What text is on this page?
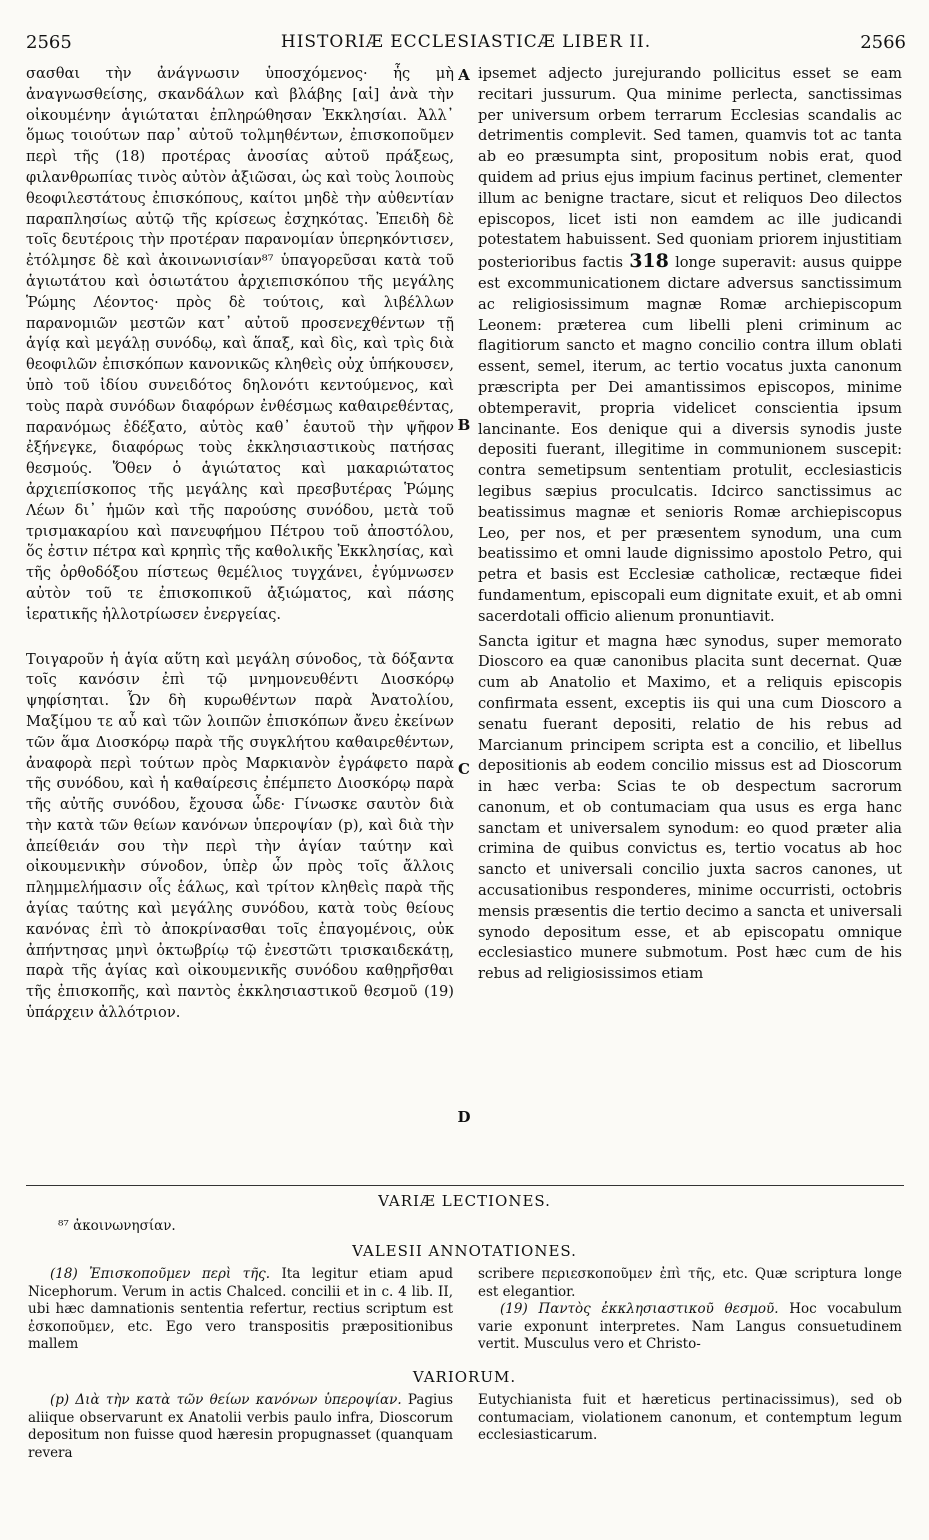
2565	HISTORIÆ ECCLESIASTICÆ LIBER II.	2566

σασθαι τὴν ἀνάγνωσιν ὑποσχόμενος· ἧς μὴ ἀναγνωσθείσης, σκανδάλων καὶ βλάβης [αἱ] ἀνὰ τὴν οἰκουμένην ἁγιώταται ἐπληρώθησαν Ἐκκλησίαι. Ἀλλ᾽ ὅμως τοιούτων παρ᾽ αὐτοῦ τολμηθέντων, ἐπισκοποῦμεν περὶ τῆς (18) προτέρας ἀνοσίας αὐτοῦ πράξεως, φιλανθρωπίας τινὸς αὐτὸν ἀξιῶσαι, ὡς καὶ τοὺς λοιποὺς θεοφιλεστάτους ἐπισκόπους, καίτοι μηδὲ τὴν αὐθεντίαν παραπλησίως αὐτῷ τῆς κρίσεως ἐσχηκότας. Ἐπειδὴ δὲ τοῖς δευτέροις τὴν προτέραν παρανομίαν ὑπερηκόντισεν, ἐτόλμησε δὲ καὶ ἀκοινωνισίαν⁸⁷ ὑπαγορεῦσαι κατὰ τοῦ ἁγιωτάτου καὶ ὁσιωτάτου ἀρχιεπισκόπου τῆς μεγάλης Ῥώμης Λέοντος· πρὸς δὲ τούτοις, καὶ λιβέλλων παρανομιῶν μεστῶν κατ᾽ αὐτοῦ προσενεχθέντων τῇ ἁγίᾳ καὶ μεγάλῃ συνόδῳ, καὶ ἅπαξ, καὶ δὶς, καὶ τρὶς διὰ θεοφιλῶν ἐπισκόπων κανονικῶς κληθεὶς οὐχ ὑπήκουσεν, ὑπὸ τοῦ ἰδίου συνειδότος δηλονότι κεντούμενος, καὶ τοὺς παρὰ συνόδων διαφόρων ἐνθέσμως καθαιρεθέντας, παρανόμως ἐδέξατο, αὐτὸς καθ᾽ ἑαυτοῦ τὴν ψῆφον ἐξήνεγκε, διαφόρως τοὺς ἐκκλησιαστικοὺς πατήσας θεσμούς. Ὅθεν ὁ ἁγιώτατος καὶ μακαριώτατος ἀρχιεπίσκοπος τῆς μεγάλης καὶ πρεσβυτέρας Ῥώμης Λέων δι᾽ ἡμῶν καὶ τῆς παρούσης συνόδου, μετὰ τοῦ τρισμακαρίου καὶ πανευφήμου Πέτρου τοῦ ἀποστόλου, ὅς ἐστιν πέτρα καὶ κρηπὶς τῆς καθολικῆς Ἐκκλησίας, καὶ τῆς ὀρθοδόξου πίστεως θεμέλιος τυγχάνει, ἐγύμνωσεν αὐτὸν τοῦ τε ἐπισκοπικοῦ ἀξιώματος, καὶ πάσης ἱερατικῆς ἠλλοτρίωσεν ἐνεργείας.

Τοιγαροῦν ἡ ἁγία αὕτη καὶ μεγάλη σύνοδος, τὰ δόξαντα τοῖς κανόσιν ἐπὶ τῷ μνημονευθέντι Διοσκόρῳ ψηφίσηται. Ὧν δὴ κυρωθέντων παρὰ Ἀνατολίου, Μαξίμου τε αὖ καὶ τῶν λοιπῶν ἐπισκόπων ἄνευ ἐκείνων τῶν ἅμα Διοσκόρῳ παρὰ τῆς συγκλήτου καθαιρεθέντων, ἀναφορὰ περὶ τούτων πρὸς Μαρκιανὸν ἐγράφετο παρὰ τῆς συνόδου, καὶ ἡ καθαίρεσις ἐπέμπετο Διοσκόρῳ παρὰ τῆς αὐτῆς συνόδου, ἔχουσα ὧδε· Γίνωσκε σαυτὸν διὰ τὴν κατὰ τῶν θείων κανόνων ὑπεροψίαν (p), καὶ διὰ τὴν ἀπείθειάν σου τὴν περὶ τὴν ἁγίαν ταύτην καὶ οἰκουμενικὴν σύνοδον, ὑπὲρ ὧν πρὸς τοῖς ἄλλοις πλημμελήμασιν οἷς ἑάλως, καὶ τρίτον κληθεὶς παρὰ τῆς ἁγίας ταύτης καὶ μεγάλης συνόδου, κατὰ τοὺς θείους κανόνας ἐπὶ τὸ ἀποκρίνασθαι τοῖς ἐπαγομένοις, οὐκ ἀπήντησας μηνὶ ὀκτωβρίῳ τῷ ἐνεστῶτι τρισκαιδεκάτῃ, παρὰ τῆς ἁγίας καὶ οἰκουμενικῆς συνόδου καθῃρῆσθαι τῆς ἐπισκοπῆς, καὶ παντὸς ἐκκλησιαστικοῦ θεσμοῦ (19) ὑπάρχειν ἀλλότριον.

A
B
C
D

ipsemet adjecto jurejurando pollicitus esset se eam recitari jussurum. Qua minime perlecta, sanctissimas per universum orbem terrarum Ecclesias scandalis ac detrimentis complevit. Sed tamen, quamvis tot ac tanta ab eo præsumpta sint, propositum nobis erat, quod quidem ad prius ejus impium facinus pertinet, clementer illum ac benigne tractare, sicut et reliquos Deo dilectos episcopos, licet isti non eamdem ac ille judicandi potestatem habuissent. Sed quoniam priorem injustitiam posterioribus factis 318 longe superavit: ausus quippe est excommunicationem dictare adversus sanctissimum ac religiosissimum magnæ Romæ archiepiscopum Leonem: præterea cum libelli pleni criminum ac flagitiorum sancto et magno concilio contra illum oblati essent, semel, iterum, ac tertio vocatus juxta canonum præscripta per Dei amantissimos episcopos, minime obtemperavit, propria videlicet conscientia ipsum lancinante. Eos denique qui a diversis synodis juste depositi fuerant, illegitime in communionem suscepit: contra semetipsum sententiam protulit, ecclesiasticis legibus sæpius proculcatis. Idcirco sanctissimus ac beatissimus magnæ et senioris Romæ archiepiscopus Leo, per nos, et per præsentem synodum, una cum beatissimo et omni laude dignissimo apostolo Petro, qui petra et basis est Ecclesiæ catholicæ, rectæque fidei fundamentum, episcopali eum dignitate exuit, et ab omni sacerdotali officio alienum pronuntiavit.

Sancta igitur et magna hæc synodus, super memorato Dioscoro ea quæ canonibus placita sunt decernat. Quæ cum ab Anatolio et Maximo, et a reliquis episcopis confirmata essent, exceptis iis qui una cum Dioscoro a senatu fuerant depositi, relatio de his rebus ad Marcianum principem scripta est a concilio, et libellus depositionis ab eodem concilio missus est ad Dioscorum in hæc verba: Scias te ob despectum sacrorum canonum, et ob contumaciam qua usus es erga hanc sanctam et universalem synodum: eo quod præter alia crimina de quibus convictus es, tertio vocatus ab hoc sancto et universali concilio juxta sacros canones, ut accusationibus responderes, minime occurristi, octobris mensis præsentis die tertio decimo a sancta et universali synodo depositum esse, et ab episcopatu omnique ecclesiastico munere submotum. Post hæc cum de his rebus ad religiosissimos etiam

VARIÆ LECTIONES.

⁸⁷ ἀκοινωνησίαν.

VALESII ANNOTATIONES.

(18) Ἐπισκοποῦμεν περὶ τῆς. Ita legitur etiam apud Nicephorum. Verum in actis Chalced. concilii et in c. 4 lib. II, ubi hæc damnationis sententia refertur, rectius scriptum est ἐσκοποῦμεν, etc. Ego vero transpositis præpositionibus mallem

scribere περιεσκοποῦμεν ἐπὶ τῆς, etc. Quæ scriptura longe est elegantior.

(19) Παντὸς ἐκκλησιαστικοῦ θεσμοῦ. Hoc vocabulum varie exponunt interpretes. Nam Langus consuetudinem vertit. Musculus vero et Christo-

VARIORUM.

(p) Διὰ τὴν κατὰ τῶν θείων κανόνων ὑπεροψίαν. Pagius aliique observarunt ex Anatolii verbis paulo infra, Dioscorum depositum non fuisse quod hæresin propugnasset (quanquam revera

Eutychianista fuit et hæreticus pertinacissimus), sed ob contumaciam, violationem canonum, et contemptum legum ecclesiasticarum.
